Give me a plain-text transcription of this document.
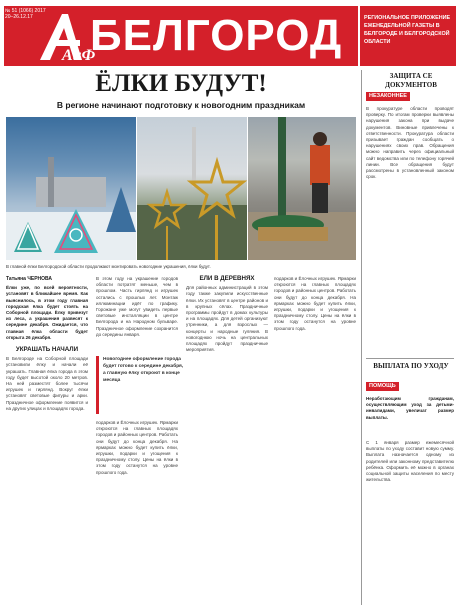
№ 51 (1066) 2017
20–26.12.17
АиФ
БЕЛГОРОД	РЕГИОНАЛЬНОЕ ПРИЛОЖЕНИЕ ЕЖЕНЕДЕЛЬНОЙ ГАЗЕТЫ В БЕЛГОРОДЕ И БЕЛГОРОДСКОЙ ОБЛАСТИ
ЁЛКИ БУДУТ!
В регионе начинают подготовку к новогодним праздникам
В главной ёлки Белгородской области продолжают монтировать новогодние украшения, ёлки будут.
Татьяна ЧЕРНОВА
Ёлки уже, по всей вероятности, установят в ближайшее время. Как выяснилось, в этом году главная городская ёлка будет стоять на Соборной площади. Ёлку привезут из леса, а украшения развесят к середине декабря. Ожидается, что главная ёлка области будет открыта 26 декабря.
УКРАШАТЬ НАЧАЛИ
В Белгороде на Соборной площади установили ёлку и начали её украшать. Главная ёлка города в этом году будет высотой около 20 метров. На ней разместят более тысячи игрушек и гирлянд. Вокруг ёлки установят световые фигуры и арки. Праздничное оформление появится и на других улицах и площадях города.
В этом году на украшение городов области потратят меньше, чем в прошлом. Часть гирлянд и игрушек остались с прошлых лет. Монтаж иллюминации идёт по графику. Горожане уже могут увидеть первые световые инсталляции в центре Белгорода и на Народном бульваре. Праздничное оформление сохранится до середины января.
Новогоднее оформление города будет готово к середине декабря, а главную ёлку откроют в конце месяца
подарков и Ёлочных игрушек. Ярмарки откроются на главных площадях городов и районных центров. Работать они будут до конца декабря. На ярмарках можно будет купить ёлки, игрушки, подарки и угощения к праздничному столу. Цены на ёлки в этом году останутся на уровне прошлого года.
ЕЛИ В ДЕРЕВНЯХ
Для районных администраций в этом году также закупили искусственные ёлки. Их установят в центре районов и в крупных сёлах. Праздничные программы пройдут в домах культуры и на площадях. Для детей организуют утренники, а для взрослых — концерты и народные гуляния. В новогоднюю ночь на центральных площадях пройдут праздничные мероприятия.
подарков и Ёлочных игрушек. Ярмарки откроются на главных площадях городов и районных центров. Работать они будут до конца декабря. На ярмарках можно будет купить ёлки, игрушки, подарки и угощения к праздничному столу. Цены на ёлки в этом году останутся на уровне прошлого года.
ЗАЩИТА СЕ ДОКУМЕНТОВ
НЕЗАКОННЕЕ
В прокуратуре области проводят проверку. По итогам проверки выявлены нарушения закона при выдаче документов. Виновные привлечены к ответственности. Прокуратура области призывает граждан сообщать о нарушениях своих прав. Обращения можно направить через официальный сайт ведомства или по телефону горячей линии. Все обращения будут рассмотрены в установленный законом срок.
ВЫПЛАТА ПО УХОДУ
ПОМОЩЬ
Неработающим гражданам, осуществляющим уход за детьми-инвалидами, увеличат размер выплаты.
С 1 января размер ежемесячной выплаты по уходу составит новую сумму. Выплата назначается одному из родителей или законному представителю ребёнка. Оформить её можно в органах социальной защиты населения по месту жительства.
